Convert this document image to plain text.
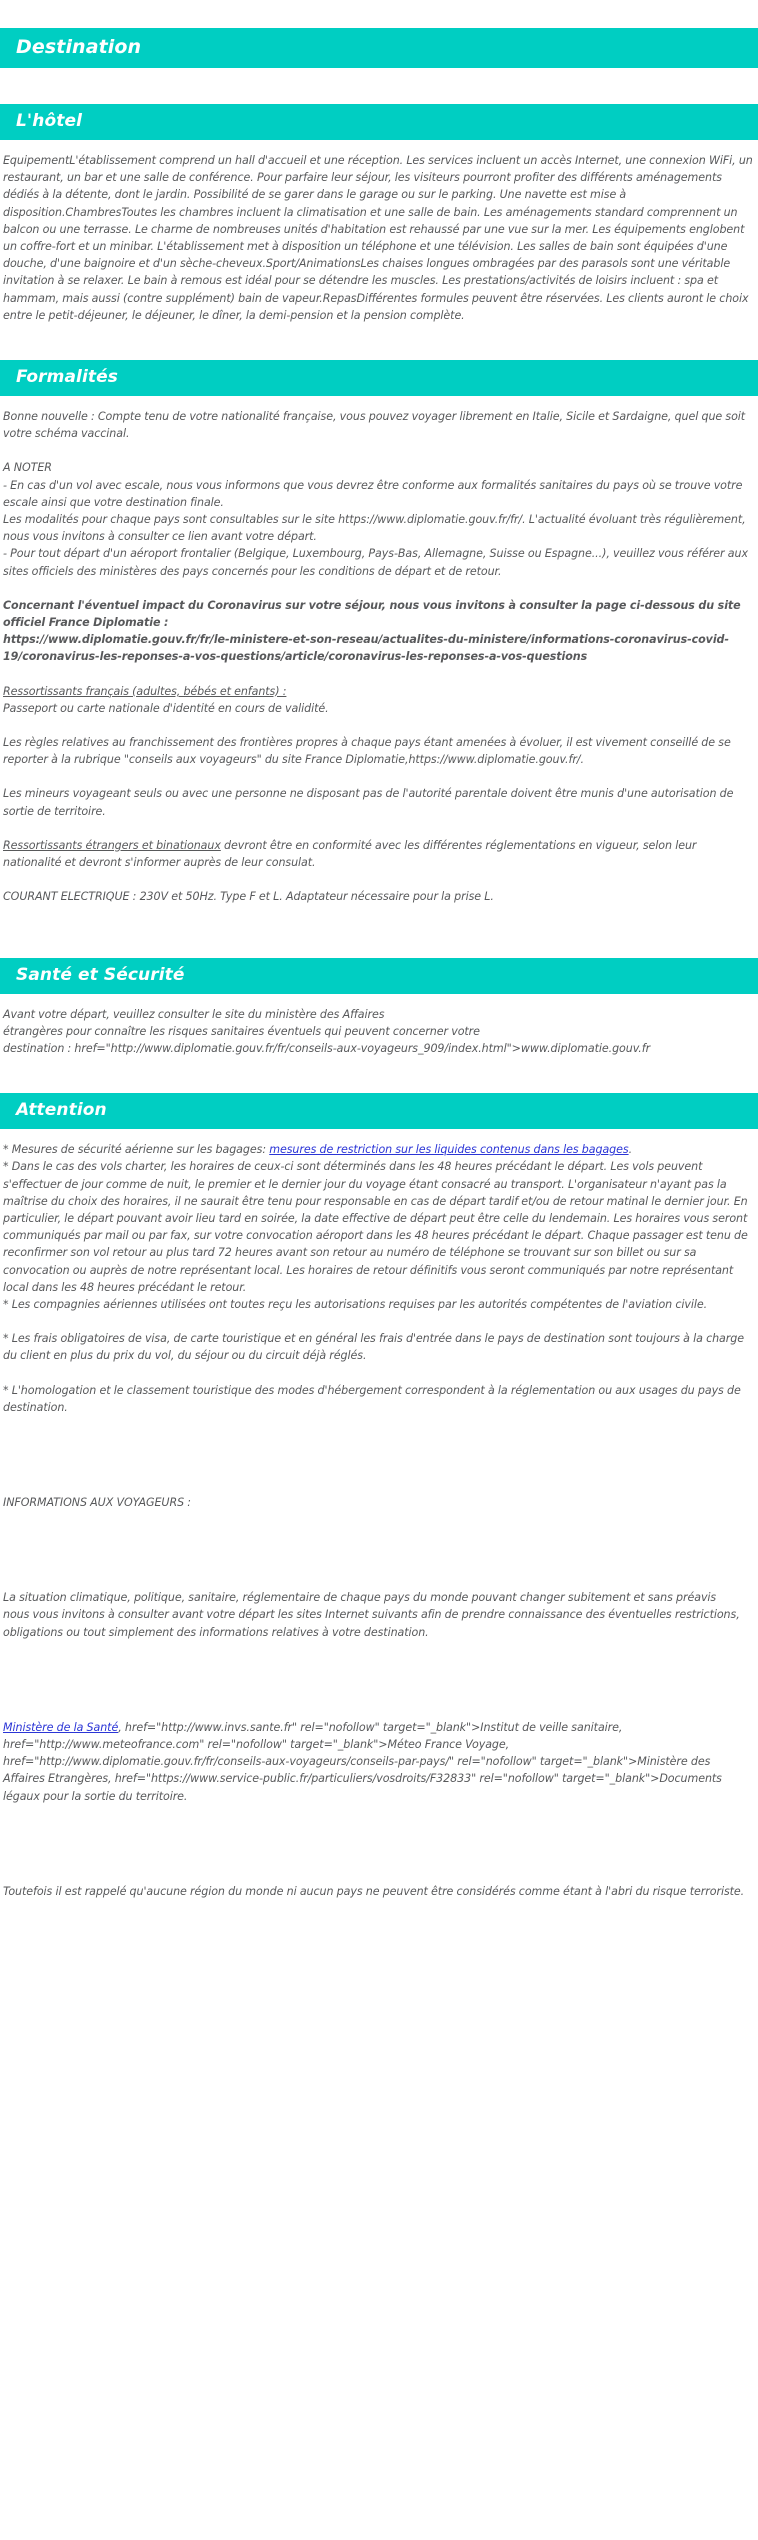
Destination
L'hôtel

EquipementL'établissement comprend un hall d'accueil et une réception. Les services incluent un accès Internet, une connexion WiFi, un restaurant, un bar et une salle de conférence. Pour parfaire leur séjour, les visiteurs pourront profiter des différents aménagements dédiés à la détente, dont le jardin. Possibilité de se garer dans le garage ou sur le parking. Une navette est mise à disposition.ChambresToutes les chambres incluent la climatisation et une salle de bain. Les aménagements standard comprennent un balcon ou une terrasse. Le charme de nombreuses unités d'habitation est rehaussé par une vue sur la mer. Les équipements englobent un coffre-fort et un minibar. L'établissement met à disposition un téléphone et une télévision. Les salles de bain sont équipées d'une douche, d'une baignoire et d'un sèche-cheveux.Sport/AnimationsLes chaises longues ombragées par des parasols sont une véritable invitation à se relaxer. Le bain à remous est idéal pour se détendre les muscles. Les prestations/activités de loisirs incluent : spa et hammam, mais aussi (contre supplément) bain de vapeur.RepasDifférentes formules peuvent être réservées. Les clients auront le choix entre le petit-déjeuner, le déjeuner, le dîner, la demi-pension et la pension complète.

Formalités

Bonne nouvelle : Compte tenu de votre nationalité française, vous pouvez voyager librement en Italie, Sicile et Sardaigne, quel que soit votre schéma vaccinal.

A NOTER

- En cas d'un vol avec escale, nous vous informons que vous devrez être conforme aux formalités sanitaires du pays où se trouve votre escale ainsi que votre destination finale.

Les modalités pour chaque pays sont consultables sur le site https://www.diplomatie.gouv.fr/fr/. L'actualité évoluant très régulièrement, nous vous invitons à consulter ce lien avant votre départ.

- Pour tout départ d'un aéroport frontalier (Belgique, Luxembourg, Pays-Bas, Allemagne, Suisse ou Espagne...), veuillez vous référer aux sites officiels des ministères des pays concernés pour les conditions de départ et de retour.

Concernant l'éventuel impact du Coronavirus sur votre séjour, nous vous invitons à consulter la page ci-dessous du site officiel France Diplomatie :

https://www.diplomatie.gouv.fr/fr/le-ministere-et-son-reseau/actualites-du-ministere/informations-coronavirus-covid-19/coronavirus-les-reponses-a-vos-questions/article/coronavirus-les-reponses-a-vos-questions

Ressortissants français (adultes, bébés et enfants) :

Passeport ou carte nationale d'identité en cours de validité.

Les règles relatives au franchissement des frontières propres à chaque pays étant amenées à évoluer, il est vivement conseillé de se reporter à la rubrique "conseils aux voyageurs" du site France Diplomatie,https://www.diplomatie.gouv.fr/.

Les mineurs voyageant seuls ou avec une personne ne disposant pas de l'autorité parentale doivent être munis d'une autorisation de sortie de territoire.

Ressortissants étrangers et binationaux devront être en conformité avec les différentes réglementations en vigueur, selon leur nationalité et devront s'informer auprès de leur consulat.

COURANT ELECTRIQUE : 230V et 50Hz. Type F et L. Adaptateur nécessaire pour la prise L.

Santé et Sécurité

Avant votre départ, veuillez consulter le site du ministère des Affaires

étrangères pour connaître les risques sanitaires éventuels qui peuvent concerner votre

destination : href="http://www.diplomatie.gouv.fr/fr/conseils-aux-voyageurs_909/index.html">www.diplomatie.gouv.fr

Attention

* Mesures de sécurité aérienne sur les bagages: mesures de restriction sur les liquides contenus dans les bagages.

* Dans le cas des vols charter, les horaires de ceux-ci sont déterminés dans les 48 heures précédant le départ. Les vols peuvent s'effectuer de jour comme de nuit, le premier et le dernier jour du voyage étant consacré au transport. L'organisateur n'ayant pas la maîtrise du choix des horaires, il ne saurait être tenu pour responsable en cas de départ tardif et/ou de retour matinal le dernier jour. En particulier, le départ pouvant avoir lieu tard en soirée, la date effective de départ peut être celle du lendemain. Les horaires vous seront communiqués par mail ou par fax, sur votre convocation aéroport dans les 48 heures précédant le départ. Chaque passager est tenu de reconfirmer son vol retour au plus tard 72 heures avant son retour au numéro de téléphone se trouvant sur son billet ou sur sa convocation ou auprès de notre représentant local. Les horaires de retour définitifs vous seront communiqués par notre représentant local dans les 48 heures précédant le retour.

* Les compagnies aériennes utilisées ont toutes reçu les autorisations requises par les autorités compétentes de l'aviation civile.

* Les frais obligatoires de visa, de carte touristique et en général les frais d'entrée dans le pays de destination sont toujours à la charge du client en plus du prix du vol, du séjour ou du circuit déjà réglés.

* L'homologation et le classement touristique des modes d'hébergement correspondent à la réglementation ou aux usages du pays de destination.

INFORMATIONS AUX VOYAGEURS :

La situation climatique, politique, sanitaire, réglementaire de chaque pays du monde pouvant changer subitement et sans préavis

nous vous invitons à consulter avant votre départ les sites Internet suivants afin de prendre connaissance des éventuelles restrictions, obligations ou tout simplement des informations relatives à votre destination.

Ministère de la Santé, href="http://www.invs.sante.fr" rel="nofollow" target="_blank">Institut de veille sanitaire, href="http://www.meteofrance.com" rel="nofollow" target="_blank">Méteo France Voyage, href="http://www.diplomatie.gouv.fr/fr/conseils-aux-voyageurs/conseils-par-pays/" rel="nofollow" target="_blank">Ministère des Affaires Etrangères, href="https://www.service-public.fr/particuliers/vosdroits/F32833" rel="nofollow" target="_blank">Documents légaux pour la sortie du territoire.

Toutefois il est rappelé qu'aucune région du monde ni aucun pays ne peuvent être considérés comme étant à l'abri du risque terroriste.
